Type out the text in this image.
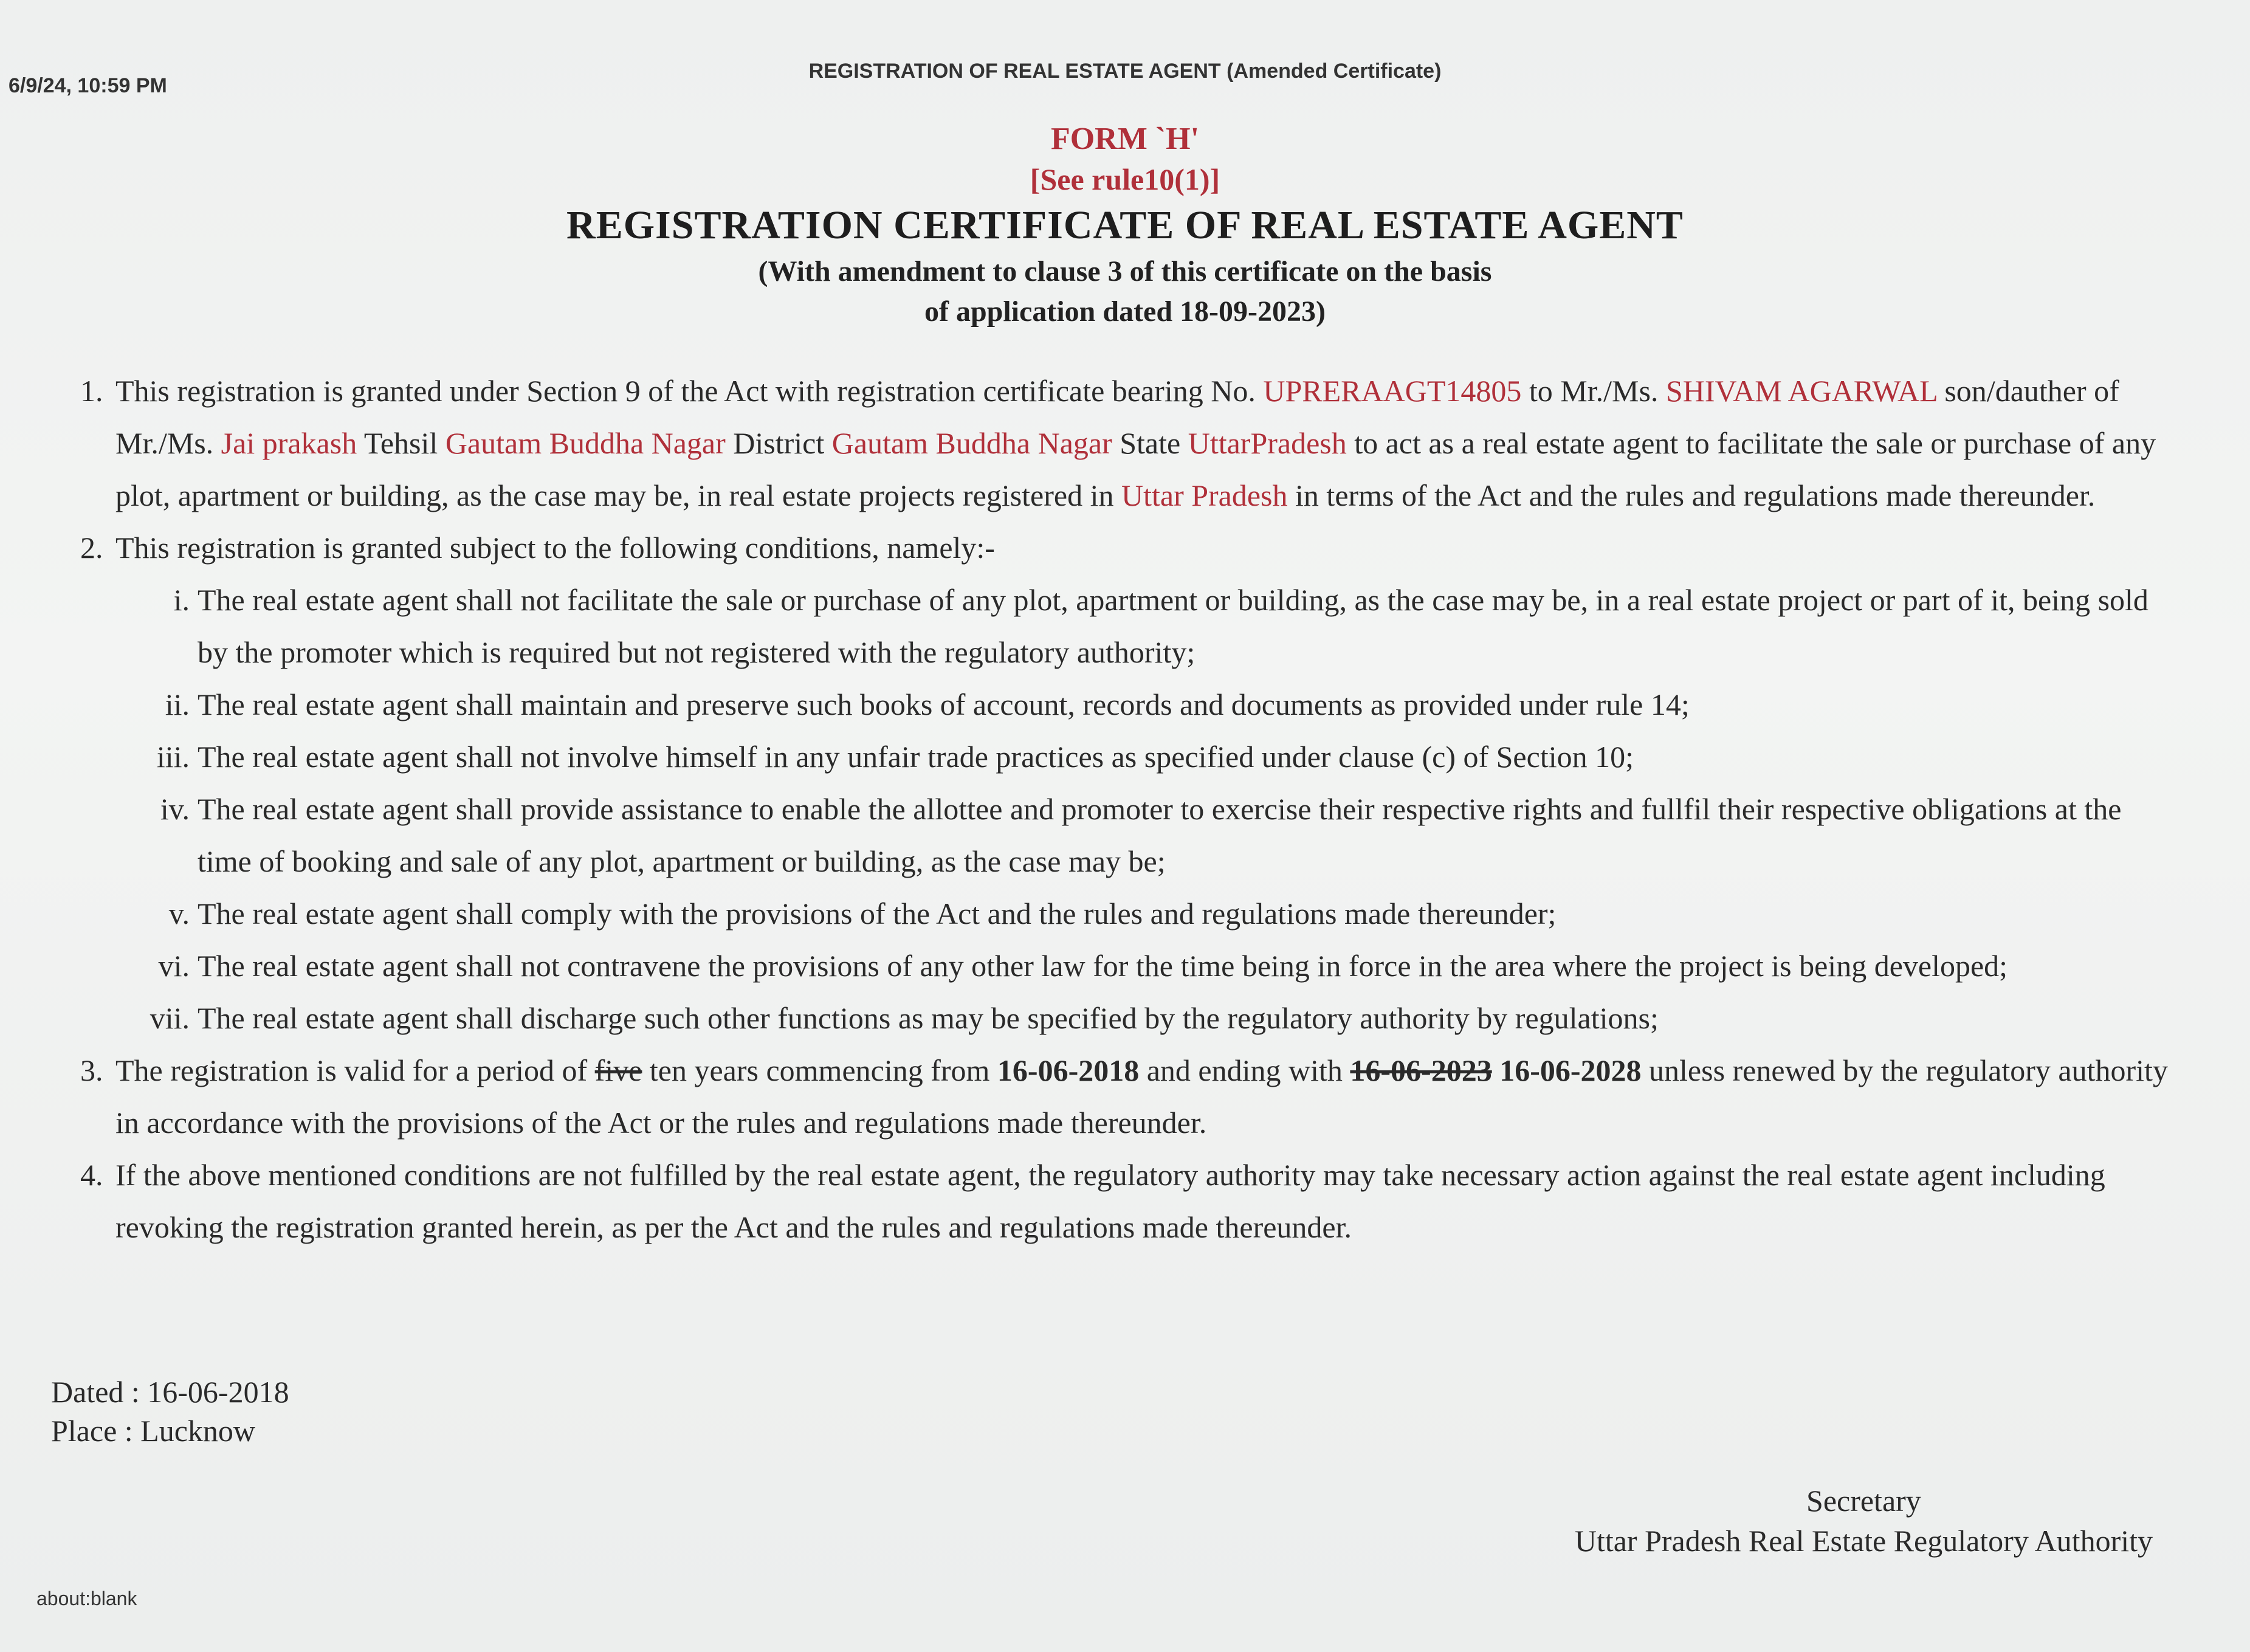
6/9/24, 10:59 PM
REGISTRATION OF REAL ESTATE AGENT (Amended Certificate)
FORM `H'
[See rule10(1)]
REGISTRATION CERTIFICATE OF REAL ESTATE AGENT
(With amendment to clause 3 of this certificate on the basis
of application dated 18-09-2023)
1. This registration is granted under Section 9 of the Act with registration certificate bearing No. UPRERAAGT14805 to Mr./Ms. SHIVAM AGARWAL son/dauther of Mr./Ms. Jai prakash Tehsil Gautam Buddha Nagar District Gautam Buddha Nagar State UttarPradesh to act as a real estate agent to facilitate the sale or purchase of any plot, apartment or building, as the case may be, in real estate projects registered in Uttar Pradesh in terms of the Act and the rules and regulations made thereunder.
2. This registration is granted subject to the following conditions, namely:-
i. The real estate agent shall not facilitate the sale or purchase of any plot, apartment or building, as the case may be, in a real estate project or part of it, being sold by the promoter which is required but not registered with the regulatory authority;
ii. The real estate agent shall maintain and preserve such books of account, records and documents as provided under rule 14;
iii. The real estate agent shall not involve himself in any unfair trade practices as specified under clause (c) of Section 10;
iv. The real estate agent shall provide assistance to enable the allottee and promoter to exercise their respective rights and fullfil their respective obligations at the time of booking and sale of any plot, apartment or building, as the case may be;
v. The real estate agent shall comply with the provisions of the Act and the rules and regulations made thereunder;
vi. The real estate agent shall not contravene the provisions of any other law for the time being in force in the area where the project is being developed;
vii. The real estate agent shall discharge such other functions as may be specified by the regulatory authority by regulations;
3. The registration is valid for a period of five ten years commencing from 16-06-2018 and ending with 16-06-2023 16-06-2028 unless renewed by the regulatory authority in accordance with the provisions of the Act or the rules and regulations made thereunder.
4. If the above mentioned conditions are not fulfilled by the real estate agent, the regulatory authority may take necessary action against the real estate agent including revoking the registration granted herein, as per the Act and the rules and regulations made thereunder.
Dated : 16-06-2018
Place : Lucknow
Secretary
Uttar Pradesh Real Estate Regulatory Authority
about:blank
